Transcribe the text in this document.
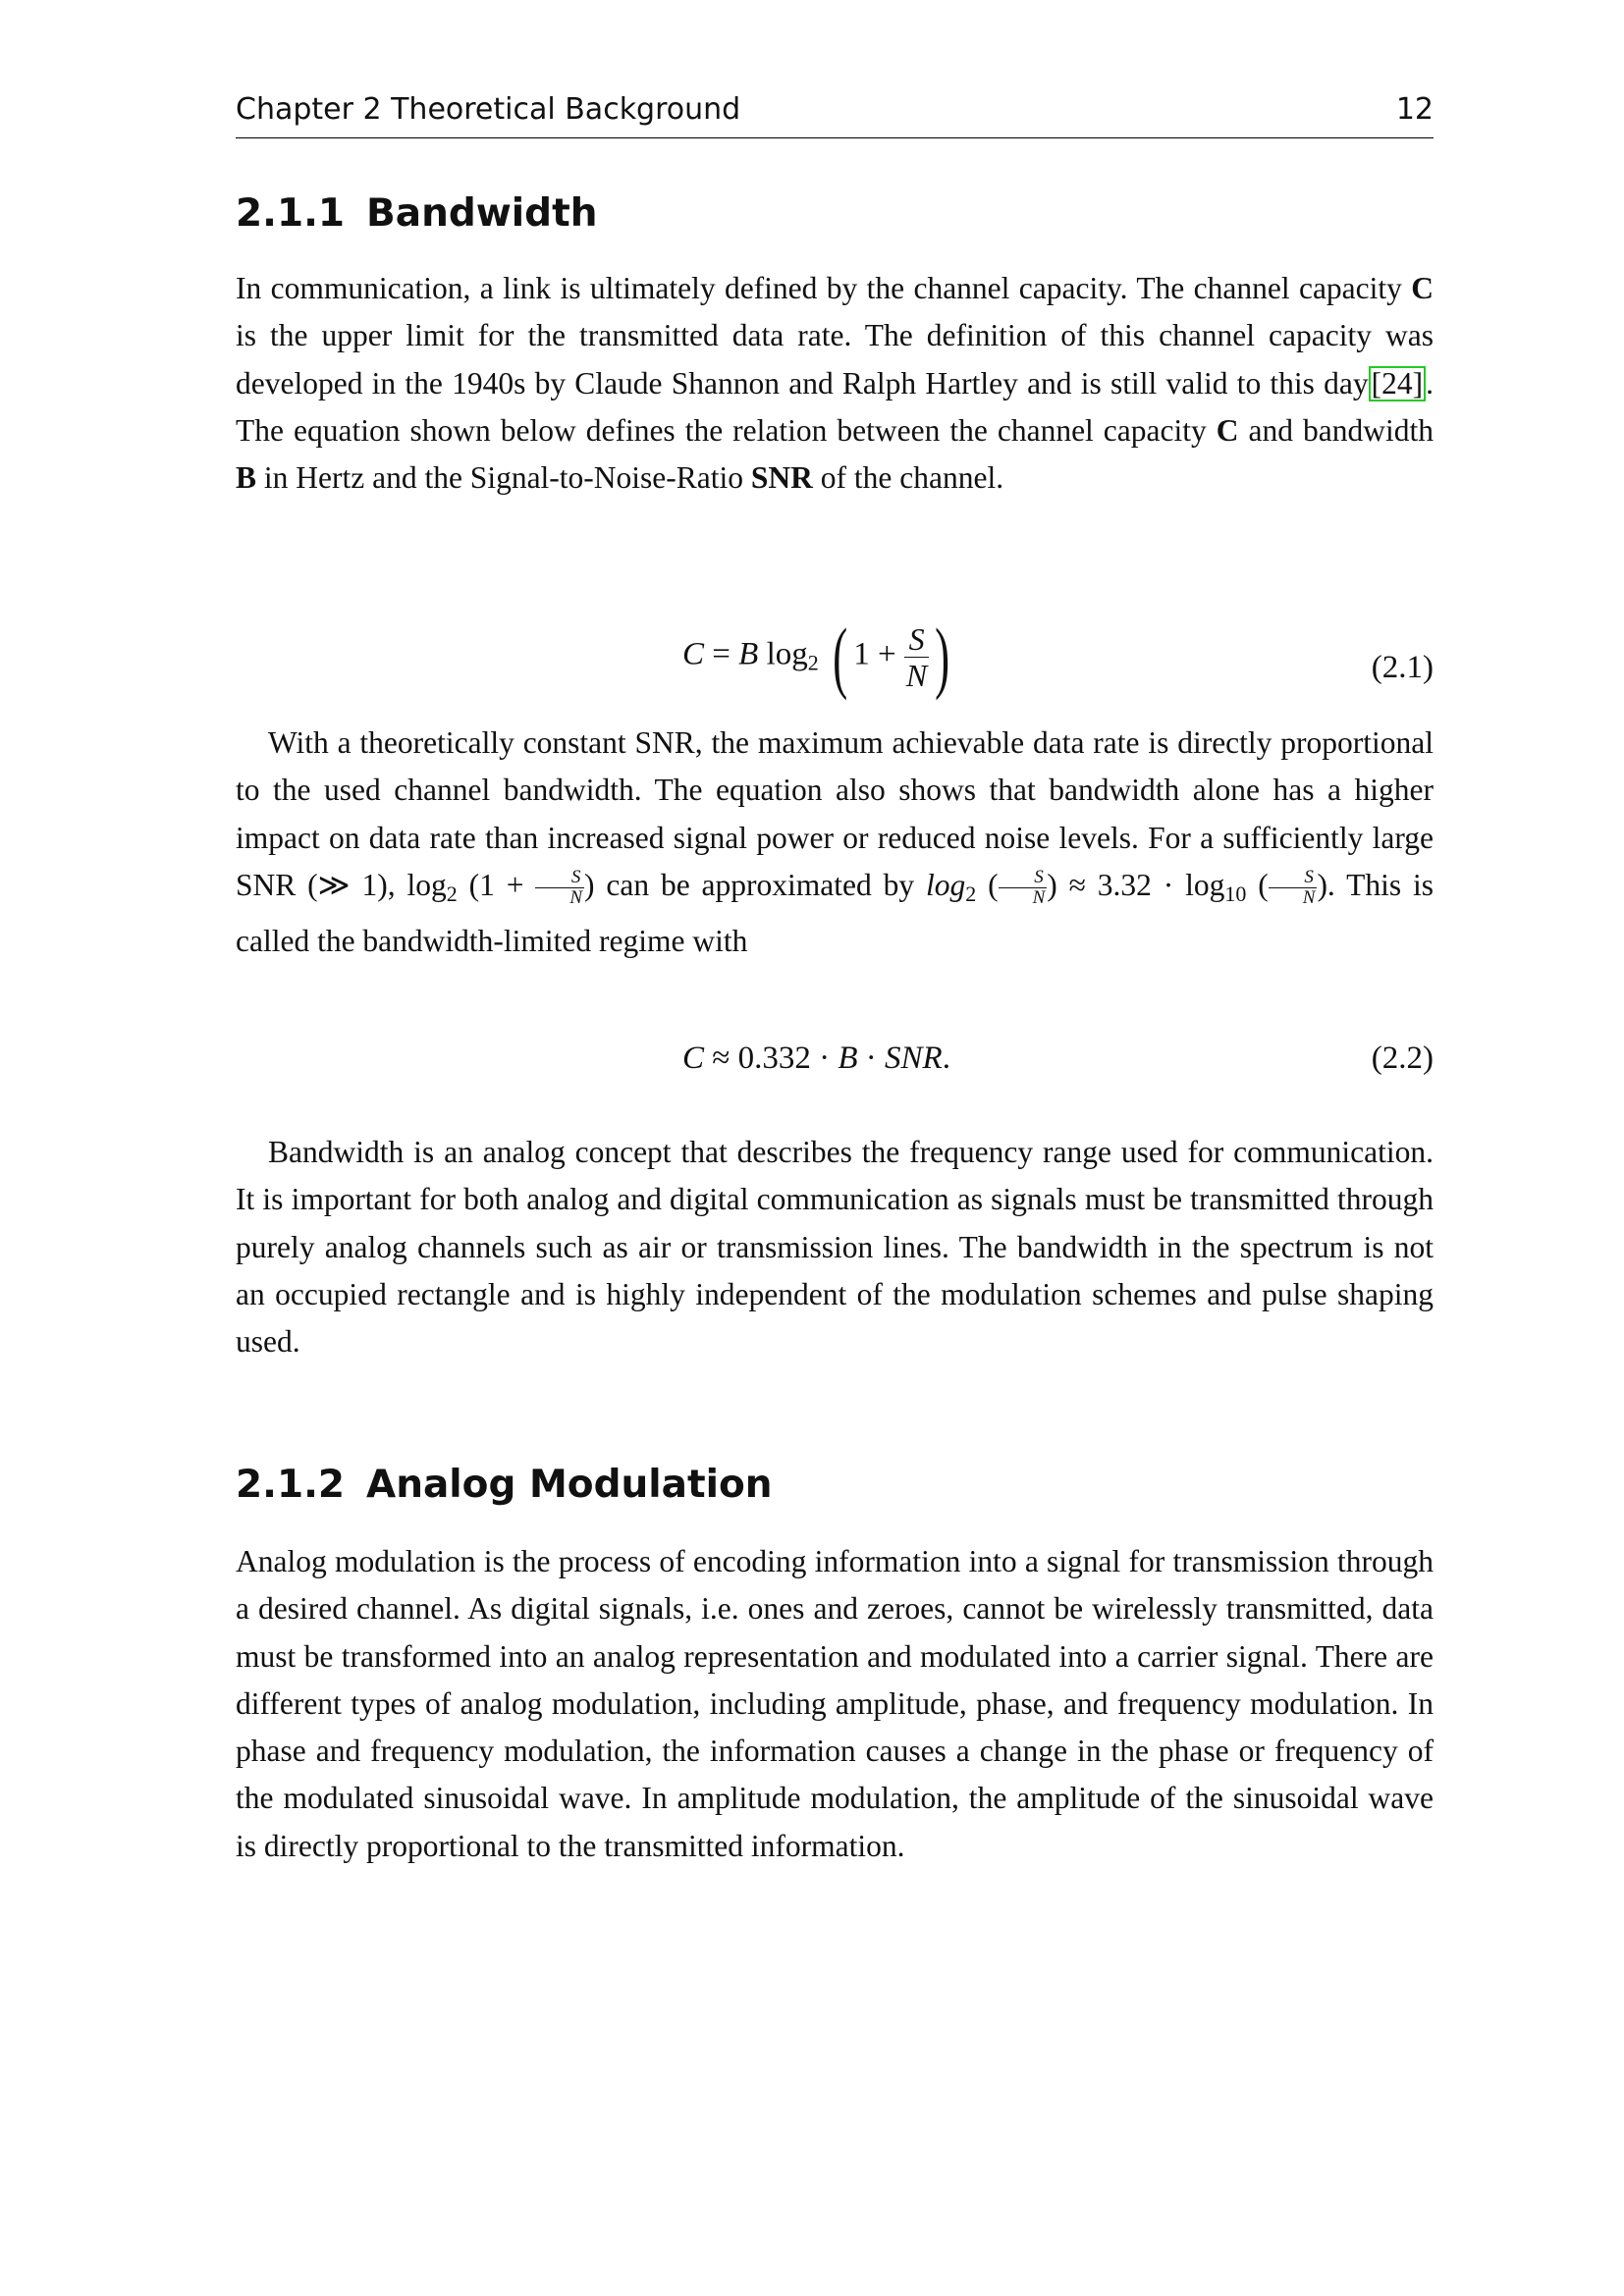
Chapter 2 Theoretical Background	12
2.1.1 Bandwidth
In communication, a link is ultimately defined by the channel capacity. The channel capacity C is the upper limit for the transmitted data rate. The definition of this channel capacity was developed in the 1940s by Claude Shannon and Ralph Hartley and is still valid to this day[24]. The equation shown below defines the relation between the channel capacity C and bandwidth B in Hertz and the Signal-to-Noise-Ratio SNR of the channel.
C = B $\log_2$ ( $1 + \frac{S}{N}$ )	(2.1)
With a theoretically constant SNR, the maximum achievable data rate is directly proportional to the used channel bandwidth. The equation also shows that bandwidth alone has a higher impact on data rate than increased signal power or reduced noise levels. For a sufficiently large SNR (≫ 1), $\log_2 (1 + \frac{S}{N}$ ) can be approximated by $\log_2$ ( $\frac{S}{N}$ ) ≈ $3.32 \cdot \log_{10}$ ( $\frac{S}{N}$ ). This is called the bandwidth-limited regime with
C ≈ 0.332 · B · SNR.	(2.2)
Bandwidth is an analog concept that describes the frequency range used for communication. It is important for both analog and digital communication as signals must be transmitted through purely analog channels such as air or transmission lines. The bandwidth in the spectrum is not an occupied rectangle and is highly independent of the modulation schemes and pulse shaping used.
2.1.2 Analog Modulation
Analog modulation is the process of encoding information into a signal for transmission through a desired channel. As digital signals, i.e. ones and zeroes, cannot be wirelessly transmitted, data must be transformed into an analog representation and modulated into a carrier signal. There are different types of analog modulation, including amplitude, phase, and frequency modulation. In phase and frequency modulation, the information causes a change in the phase or frequency of the modulated sinusoidal wave. In amplitude modulation, the amplitude of the sinusoidal wave is directly proportional to the transmitted information.
